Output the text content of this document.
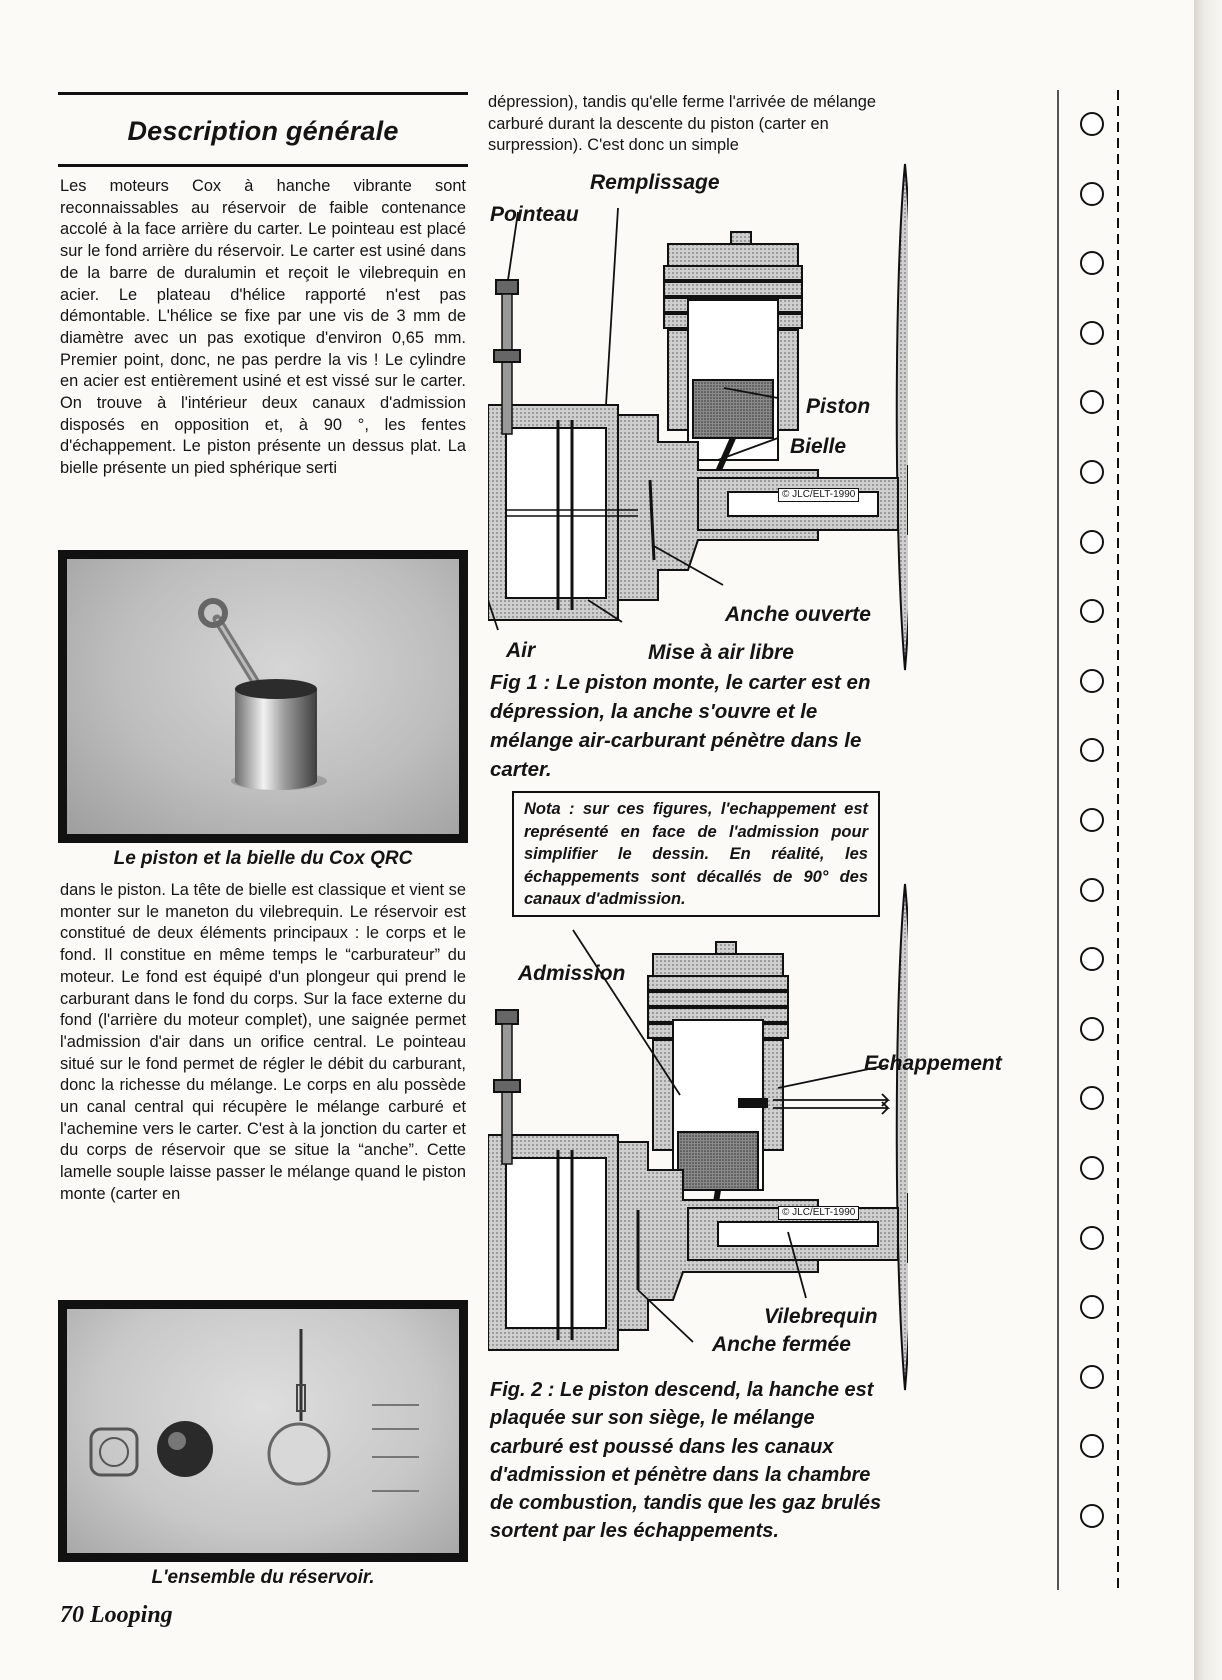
Description générale

Les moteurs Cox à hanche vibrante sont reconnaissables au réservoir de faible contenance accolé à la face arrière du carter. Le pointeau est placé sur le fond arrière du réservoir. Le carter est usiné dans de la barre de duralumin et reçoit le vilebrequin en acier. Le plateau d'hélice rapporté n'est pas démontable. L'hélice se fixe par une vis de 3 mm de diamètre avec un pas exotique d'environ 0,65 mm. Premier point, donc, ne pas perdre la vis ! Le cylindre en acier est entièrement usiné et est vissé sur le carter. On trouve à l'intérieur deux canaux d'admission disposés en opposition et, à 90 °, les fentes d'échappement. Le piston présente un dessus plat. La bielle présente un pied sphérique serti

Le piston et la bielle du Cox QRC

dans le piston. La tête de bielle est classique et vient se monter sur le maneton du vilebrequin. Le réservoir est constitué de deux éléments principaux : le corps et le fond. Il constitue en même temps le “carburateur” du moteur. Le fond est équipé d'un plongeur qui prend le carburant dans le fond du corps. Sur la face externe du fond (l'arrière du moteur complet), une saignée permet l'admission d'air dans un orifice central. Le pointeau situé sur le fond permet de régler le débit du carburant, donc la richesse du mélange. Le corps en alu possède un canal central qui récupère le mélange carburé et l'achemine vers le carter. C'est à la jonction du carter et du corps de réservoir que se situe la “anche”. Cette lamelle souple laisse passer le mélange quand le piston monte (carter en

L'ensemble du réservoir.

dépression), tandis qu'elle ferme l'arrivée de mélange carburé durant la descente du piston (carter en surpression). C'est donc un simple

Remplissage
Pointeau
Piston
Bielle
© JLC/ELT-1990
Anche ouverte
Air	Mise à air libre

Fig 1 : Le piston monte, le carter est en dépression, la anche s'ouvre et le mélange air-carburant pénètre dans le carter.

Nota : sur ces figures, l'echappement est représenté en face de l'admission pour simplifier le dessin. En réalité, les échappements sont décallés de 90° des canaux d'admission.
Admission
Echappement
© JLC/ELT-1990
Vilebrequin
Anche fermée

Fig. 2 : Le piston descend, la hanche est plaquée sur son siège, le mélange carburé est poussé dans les canaux d'admission et pénètre dans la chambre de combustion, tandis que les gaz brulés sortent par les échappements.

70 Looping
